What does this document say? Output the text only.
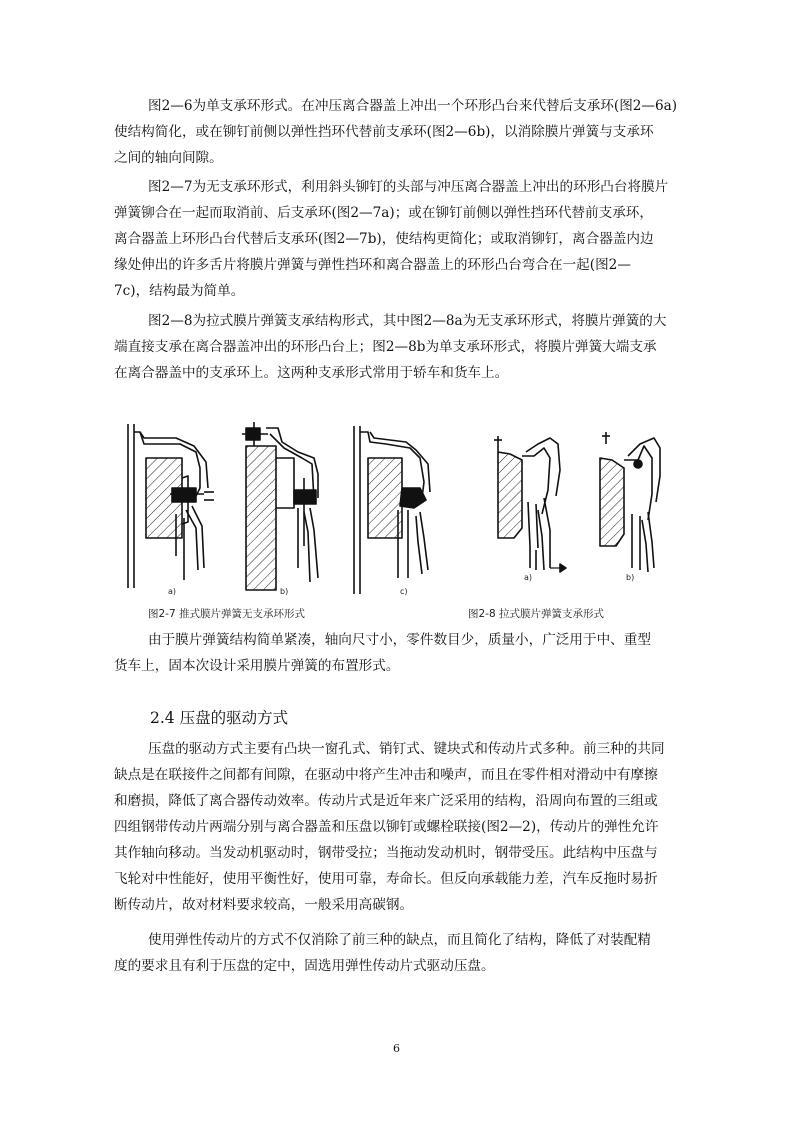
图2—6为单支承环形式。在冲压离合器盖上冲出一个环形凸台来代替后支承环(图2—6a)
使结构简化，或在铆钉前侧以弹性挡环代替前支承环(图2—6b)，以消除膜片弹簧与支承环
之间的轴向间隙。

图2—7为无支承环形式，利用斜头铆钉的头部与冲压离合器盖上冲出的环形凸台将膜片
弹簧铆合在一起而取消前、后支承环(图2—7a)；或在铆钉前侧以弹性挡环代替前支承环，
离合器盖上环形凸台代替后支承环(图2—7b)，使结构更简化；或取消铆钉，离合器盖内边
缘处伸出的许多舌片将膜片弹簧与弹性挡环和离合器盖上的环形凸台弯合在一起(图2—
7c)，结构最为简单。

图2—8为拉式膜片弹簧支承结构形式，其中图2—8a为无支承环形式，将膜片弹簧的大
端直接支承在离合器盖冲出的环形凸台上；图2—8b为单支承环形式，将膜片弹簧大端支承
在离合器盖中的支承环上。这两种支承形式常用于轿车和货车上。

a)	b)	c)
a)	b)
图2-7 推式膜片弹簧无支承环形式	图2-8 拉式膜片弹簧支承形式

由于膜片弹簧结构简单紧凑，轴向尺寸小，零件数目少，质量小，广泛用于中、重型
货车上，固本次设计采用膜片弹簧的布置形式。

2.4 压盘的驱动方式

压盘的驱动方式主要有凸块一窗孔式、销钉式、键块式和传动片式多种。前三种的共同
缺点是在联接件之间都有间隙，在驱动中将产生冲击和噪声，而且在零件相对滑动中有摩擦
和磨损，降低了离合器传动效率。传动片式是近年来广泛采用的结构，沿周向布置的三组或
四组钢带传动片两端分别与离合器盖和压盘以铆钉或螺栓联接(图2—2)，传动片的弹性允许
其作轴向移动。当发动机驱动时，钢带受拉；当拖动发动机时，钢带受压。此结构中压盘与
飞轮对中性能好，使用平衡性好，使用可靠，寿命长。但反向承载能力差，汽车反拖时易折
断传动片，故对材料要求较高，一般采用高碳钢。

使用弹性传动片的方式不仅消除了前三种的缺点，而且简化了结构，降低了对装配精
度的要求且有利于压盘的定中，固选用弹性传动片式驱动压盘。

6
